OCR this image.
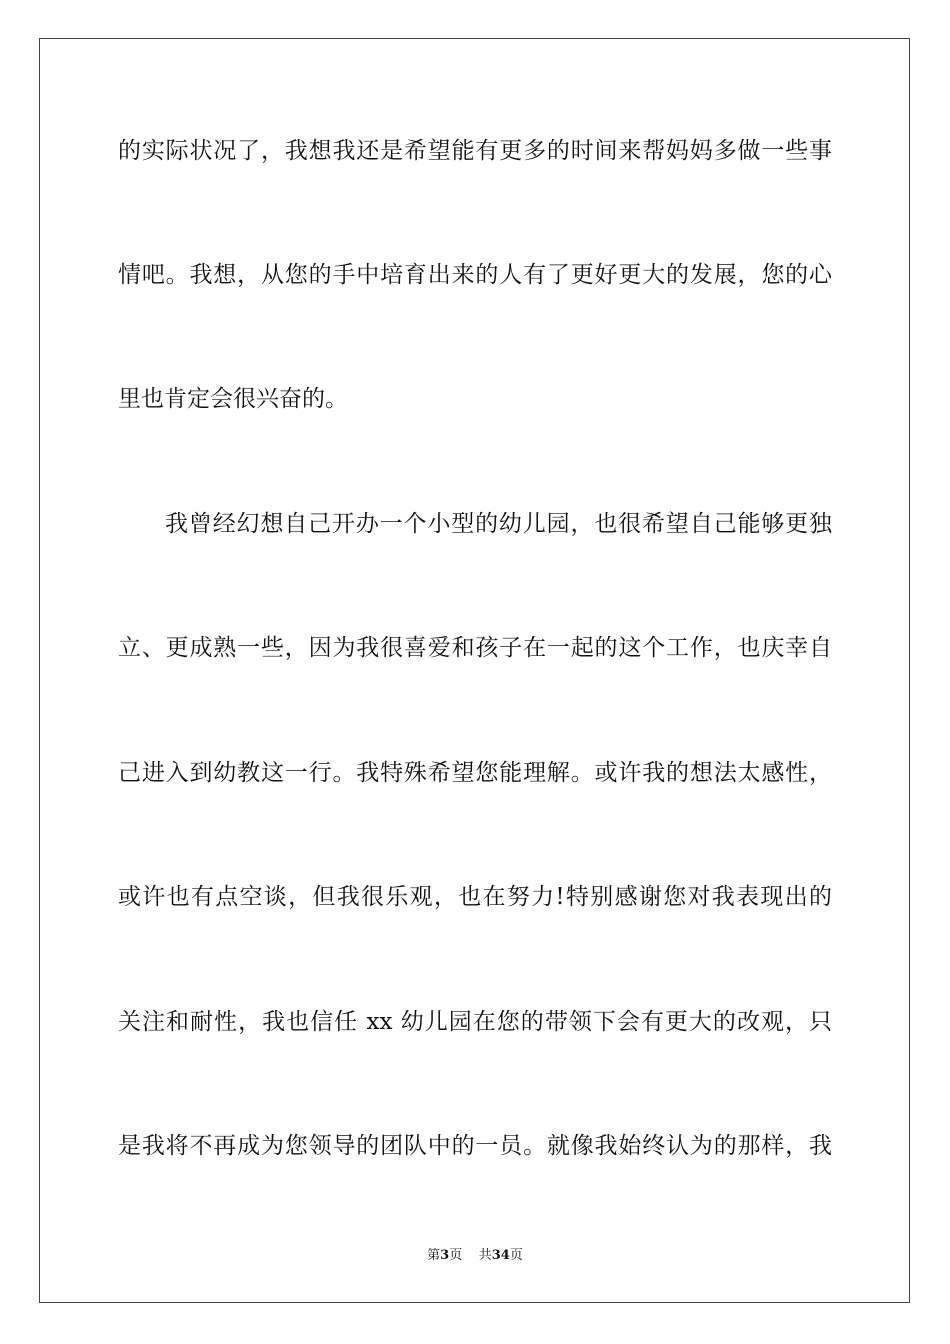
的实际状况了，我想我还是希望能有更多的时间来帮妈妈多做一些事
情吧。我想，从您的手中培育出来的人有了更好更大的发展，您的心
里也肯定会很兴奋的。
我曾经幻想自己开办一个小型的幼儿园，也很希望自己能够更独
立、更成熟一些，因为我很喜爱和孩子在一起的这个工作，也庆幸自
己进入到幼教这一行。我特殊希望您能理解。或许我的想法太感性，
或许也有点空谈，但我很乐观，也在努力!特别感谢您对我表现出的
关注和耐性，我也信任 xx 幼儿园在您的带领下会有更大的改观，只
是我将不再成为您领导的团队中的一员。就像我始终认为的那样，我
第3页 共34页
